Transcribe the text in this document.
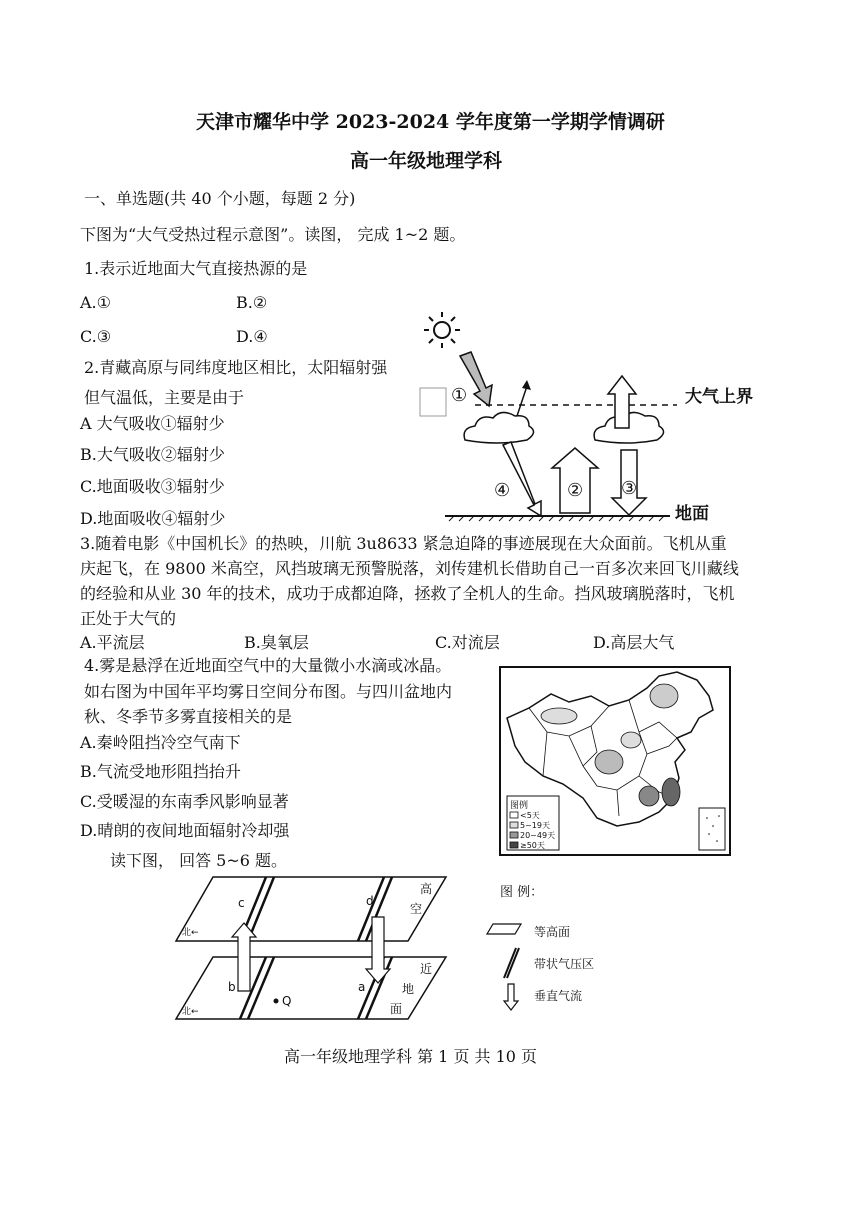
天津市耀华中学 2023-2024 学年度第一学期学情调研
高一年级地理学科
一、单选题(共 40 个小题，每题 2 分)
下图为“大气受热过程示意图”。读图， 完成 1~2 题。
1.表示近地面大气直接热源的是
A.①	B.②
C.③	D.④
2.青藏高原与同纬度地区相比，太阳辐射强
但气温低，主要是由于
A 大气吸收①辐射少
B.大气吸收②辐射少
C.地面吸收③辐射少
D.地面吸收④辐射少
大气上界
①
④	② ③
地面
3.随着电影《中国机长》的热映，川航 3u8633 紧急迫降的事迹展现在大众面前。飞机从重庆起飞，在 9800 米高空，风挡玻璃无预警脱落，刘传建机长借助自己一百多次来回飞川藏线的经验和从业 30 年的技术，成功于成都迫降，拯救了全机人的生命。挡风玻璃脱落时，飞机正处于大气的
A.平流层	B.臭氧层	C.对流层	D.高层大气
4.雾是悬浮在近地面空气中的大量微小水滴或冰晶。
如右图为中国年平均雾日空间分布图。与四川盆地内
秋、冬季节多雾直接相关的是
A.秦岭阻挡冷空气南下
B.气流受地形阻挡抬升
C.受暖湿的东南季风影响显著
D.晴朗的夜间地面辐射冷却强
图例
<5天
5~19天
20~49天
≥50天
读下图， 回答 5~6 题。
高
空
c	d
北←
b	a
Q
近
地
面
北←
图 例：
等高面
带状气压区
垂直气流
高一年级地理学科 第 1 页 共 10 页
